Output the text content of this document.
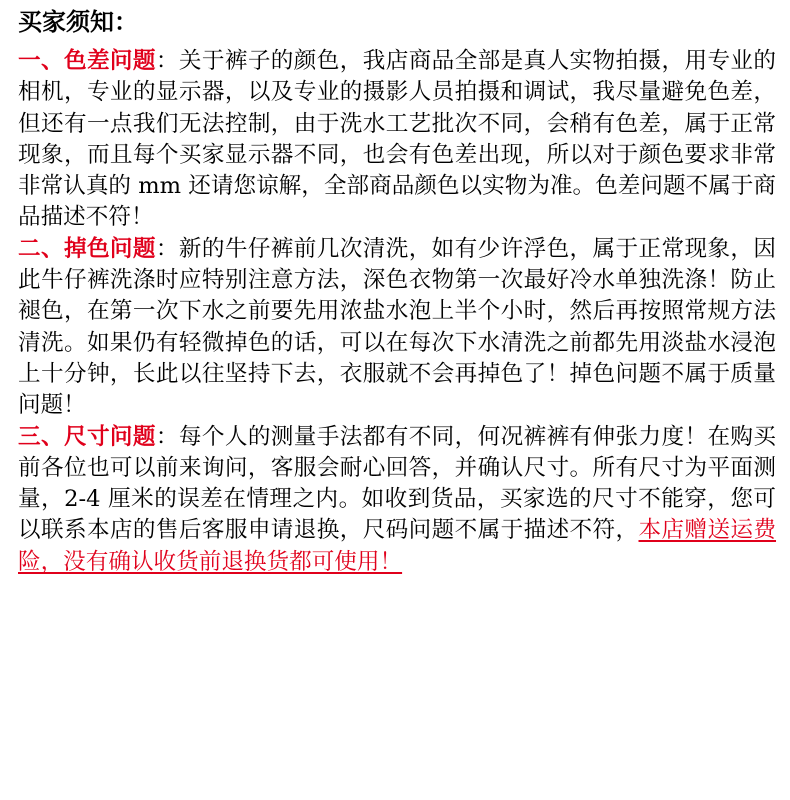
买家须知：

一、色差问题：关于裤子的颜色，我店商品全部是真人实物拍摄，用专业的相机，专业的显示器，以及专业的摄影人员拍摄和调试，我尽量避免色差，但还有一点我们无法控制，由于洗水工艺批次不同，会稍有色差，属于正常现象，而且每个买家显示器不同，也会有色差出现，所以对于颜色要求非常非常认真的 mm 还请您谅解，全部商品颜色以实物为准。色差问题不属于商品描述不符！

二、掉色问题：新的牛仔裤前几次清洗，如有少许浮色，属于正常现象，因此牛仔裤洗涤时应特别注意方法，深色衣物第一次最好冷水单独洗涤！防止褪色，在第一次下水之前要先用浓盐水泡上半个小时，然后再按照常规方法清洗。如果仍有轻微掉色的话，可以在每次下水清洗之前都先用淡盐水浸泡上十分钟，长此以往坚持下去，衣服就不会再掉色了！掉色问题不属于质量问题！

三、尺寸问题：每个人的测量手法都有不同，何况裤裤有伸张力度！在购买前各位也可以前来询问，客服会耐心回答，并确认尺寸。所有尺寸为平面测量，2-4 厘米的误差在情理之内。如收到货品，买家选的尺寸不能穿，您可以联系本店的售后客服申请退换，尺码问题不属于描述不符，本店赠送运费险，没有确认收货前退换货都可使用！
